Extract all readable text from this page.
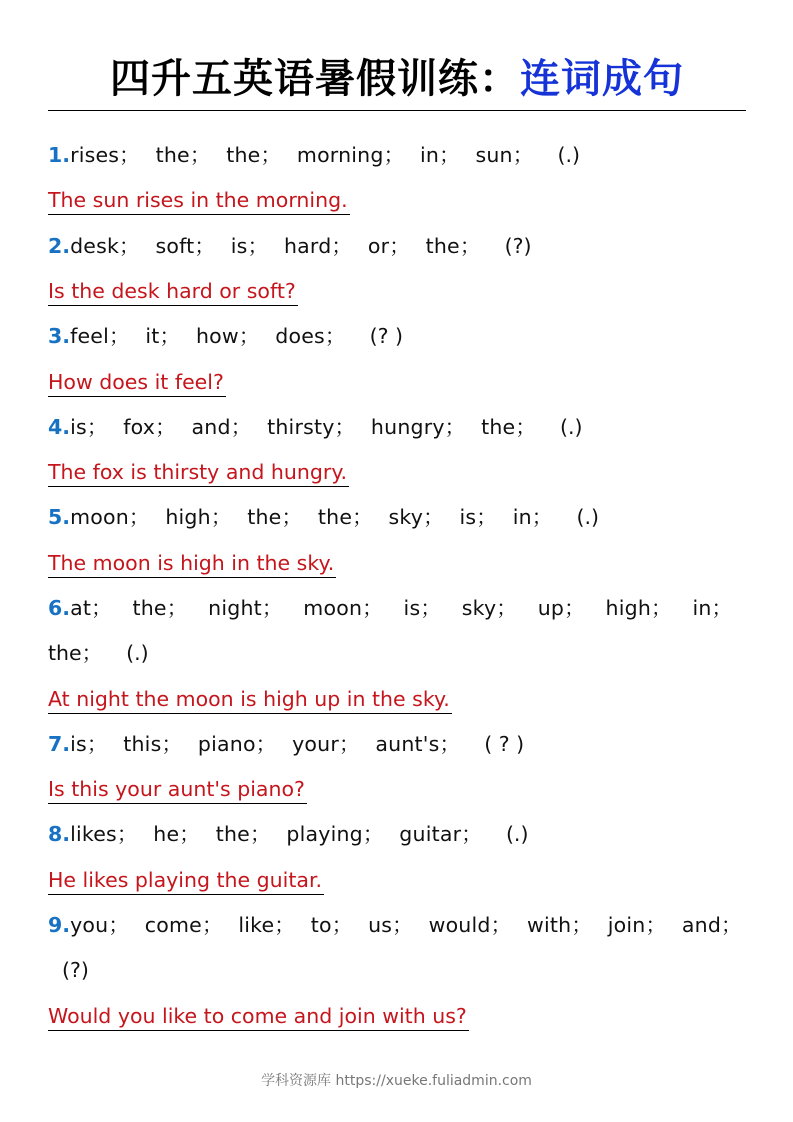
四升五英语暑假训练：连词成句
1.rises； the； the； morning； in； sun； (.)
The sun rises in the morning.
2.desk； soft； is； hard； or； the； (?)
Is the desk hard or soft?
3.feel； it； how； does； (? )
How does it feel?
4.is； fox； and； thirsty； hungry； the； (.)
The fox is thirsty and hungry.
5.moon； high； the； the； sky； is； in； (.)
The moon is high in the sky.
6.at； the； night； moon； is； sky； up； high； in；
the； (.)
At night the moon is high up in the sky.
7.is； this； piano； your； aunt's； ( ? )
Is this your aunt's piano?
8.likes； he； the； playing； guitar； (.)
He likes playing the guitar.
9.you； come； like； to； us； would； with； join； and；
(?)
Would you like to come and join with us?
学科资源库 https://xueke.fuliadmin.com
